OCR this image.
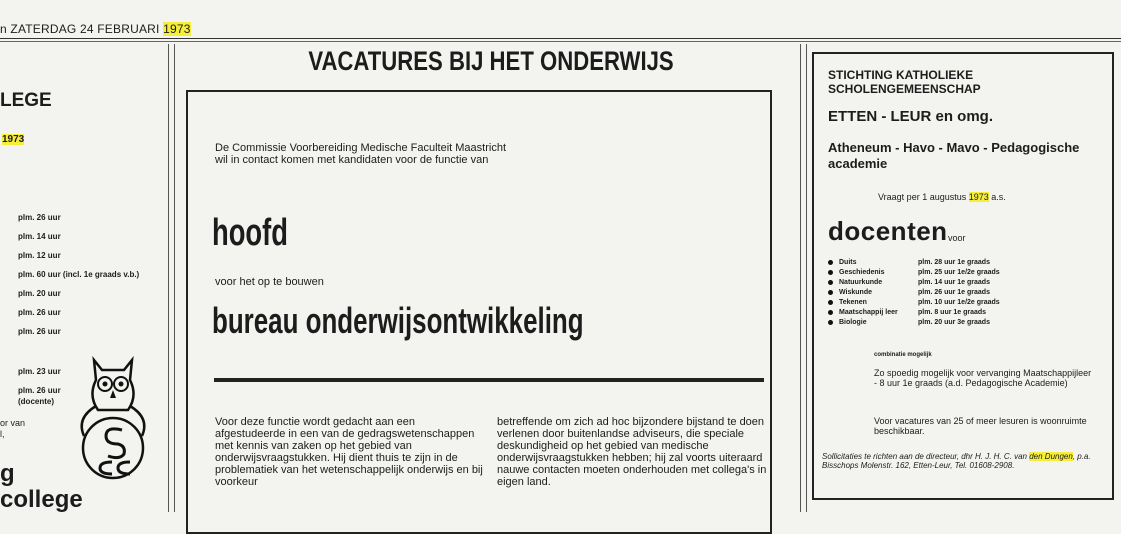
n ZATERDAG 24 FEBRUARI 1973
LEGE
1973
plm. 26 uur
plm. 14 uur
plm. 12 uur
plm. 60 uur (incl. 1e graads v.b.)
plm. 20 uur
plm. 26 uur
plm. 26 uur
plm. 23 uur
plm. 26 uur
(docente)
or van
l,
g
college
VACATURES BIJ HET ONDERWIJS
De Commissie Voorbereiding Medische Faculteit Maastricht wil in contact komen met kandidaten voor de functie van
hoofd
voor het op te bouwen
bureau onderwijsontwikkeling
Voor deze functie wordt gedacht aan een afgestudeerde in een van de gedragswetenschappen met kennis van zaken op het gebied van onderwijsvraagstukken. Hij dient thuis te zijn in de problematiek van het wetenschappelijk onderwijs en bij voorkeur
betreffende om zich ad hoc bijzondere bijstand te doen verlenen door buitenlandse adviseurs, die speciale deskundigheid op het gebied van medische onderwijsvraagstukken hebben; hij zal voorts uiteraard nauwe contacten moeten onderhouden met collega's in eigen land.
STICHTING KATHOLIEKE SCHOLENGEMEENSCHAP
ETTEN - LEUR en omg.
Atheneum - Havo - Mavo - Pedagogische academie
Vraagt per 1 augustus 1973 a.s.
docenten voor
Duits	plm. 28 uur 1e graads
Geschiedenis	plm. 25 uur 1e/2e graads
Natuurkunde	plm. 14 uur 1e graads
Wiskunde	plm. 26 uur 1e graads
Tekenen	plm. 10 uur 1e/2e graads
Maatschappij leer	plm. 8 uur 1e graads
Biologie	plm. 20 uur 3e graads
combinatie mogelijk
Zo spoedig mogelijk voor vervanging Maatschappijleer - 8 uur 1e graads (a.d. Pedagogische Academie)
Voor vacatures van 25 of meer lesuren is woonruimte beschikbaar.
Sollicitaties te richten aan de directeur, dhr H. J. H. C. van den Dungen, p.a. Bisschops Molenstr. 162, Etten-Leur, Tel. 01608-2908.
